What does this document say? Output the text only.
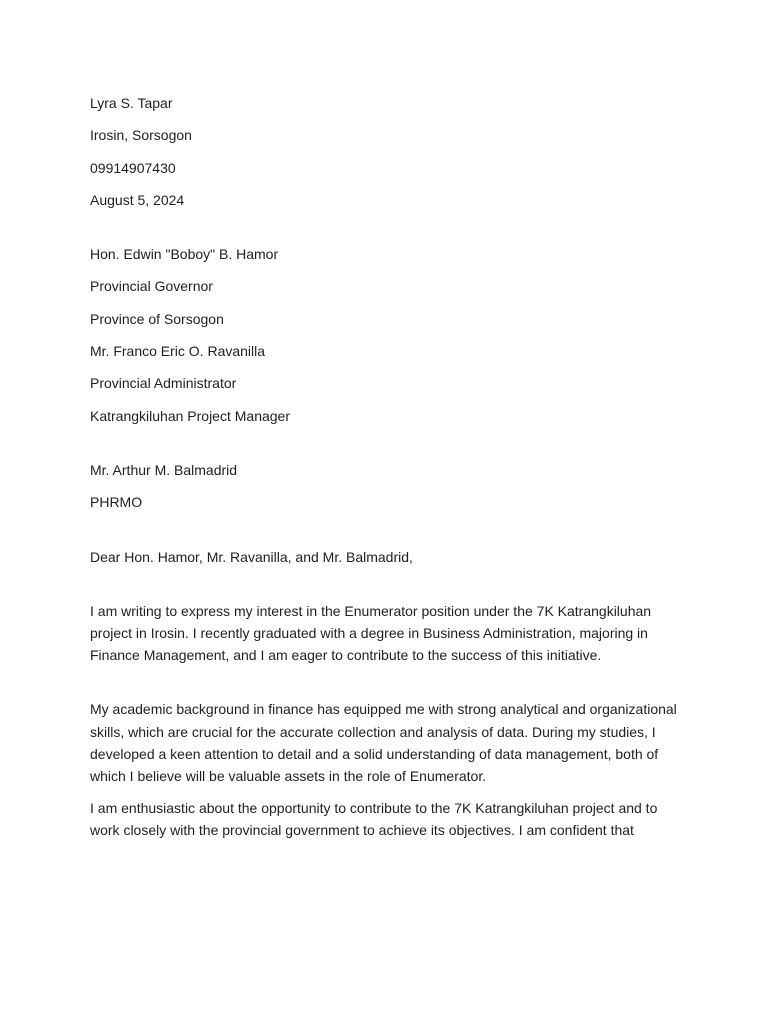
Lyra S. Tapar
Irosin, Sorsogon
09914907430
August 5, 2024
Hon. Edwin "Boboy" B. Hamor
Provincial Governor
Province of Sorsogon
Mr. Franco Eric O. Ravanilla
Provincial Administrator
Katrangkiluhan Project Manager
Mr. Arthur M. Balmadrid
PHRMO
Dear Hon. Hamor, Mr. Ravanilla, and Mr. Balmadrid,

I am writing to express my interest in the Enumerator position under the 7K Katrangkiluhan project in Irosin. I recently graduated with a degree in Business Administration, majoring in Finance Management, and I am eager to contribute to the success of this initiative.

My academic background in finance has equipped me with strong analytical and organizational skills, which are crucial for the accurate collection and analysis of data. During my studies, I developed a keen attention to detail and a solid understanding of data management, both of which I believe will be valuable assets in the role of Enumerator.

I am enthusiastic about the opportunity to contribute to the 7K Katrangkiluhan project and to work closely with the provincial government to achieve its objectives. I am confident that
